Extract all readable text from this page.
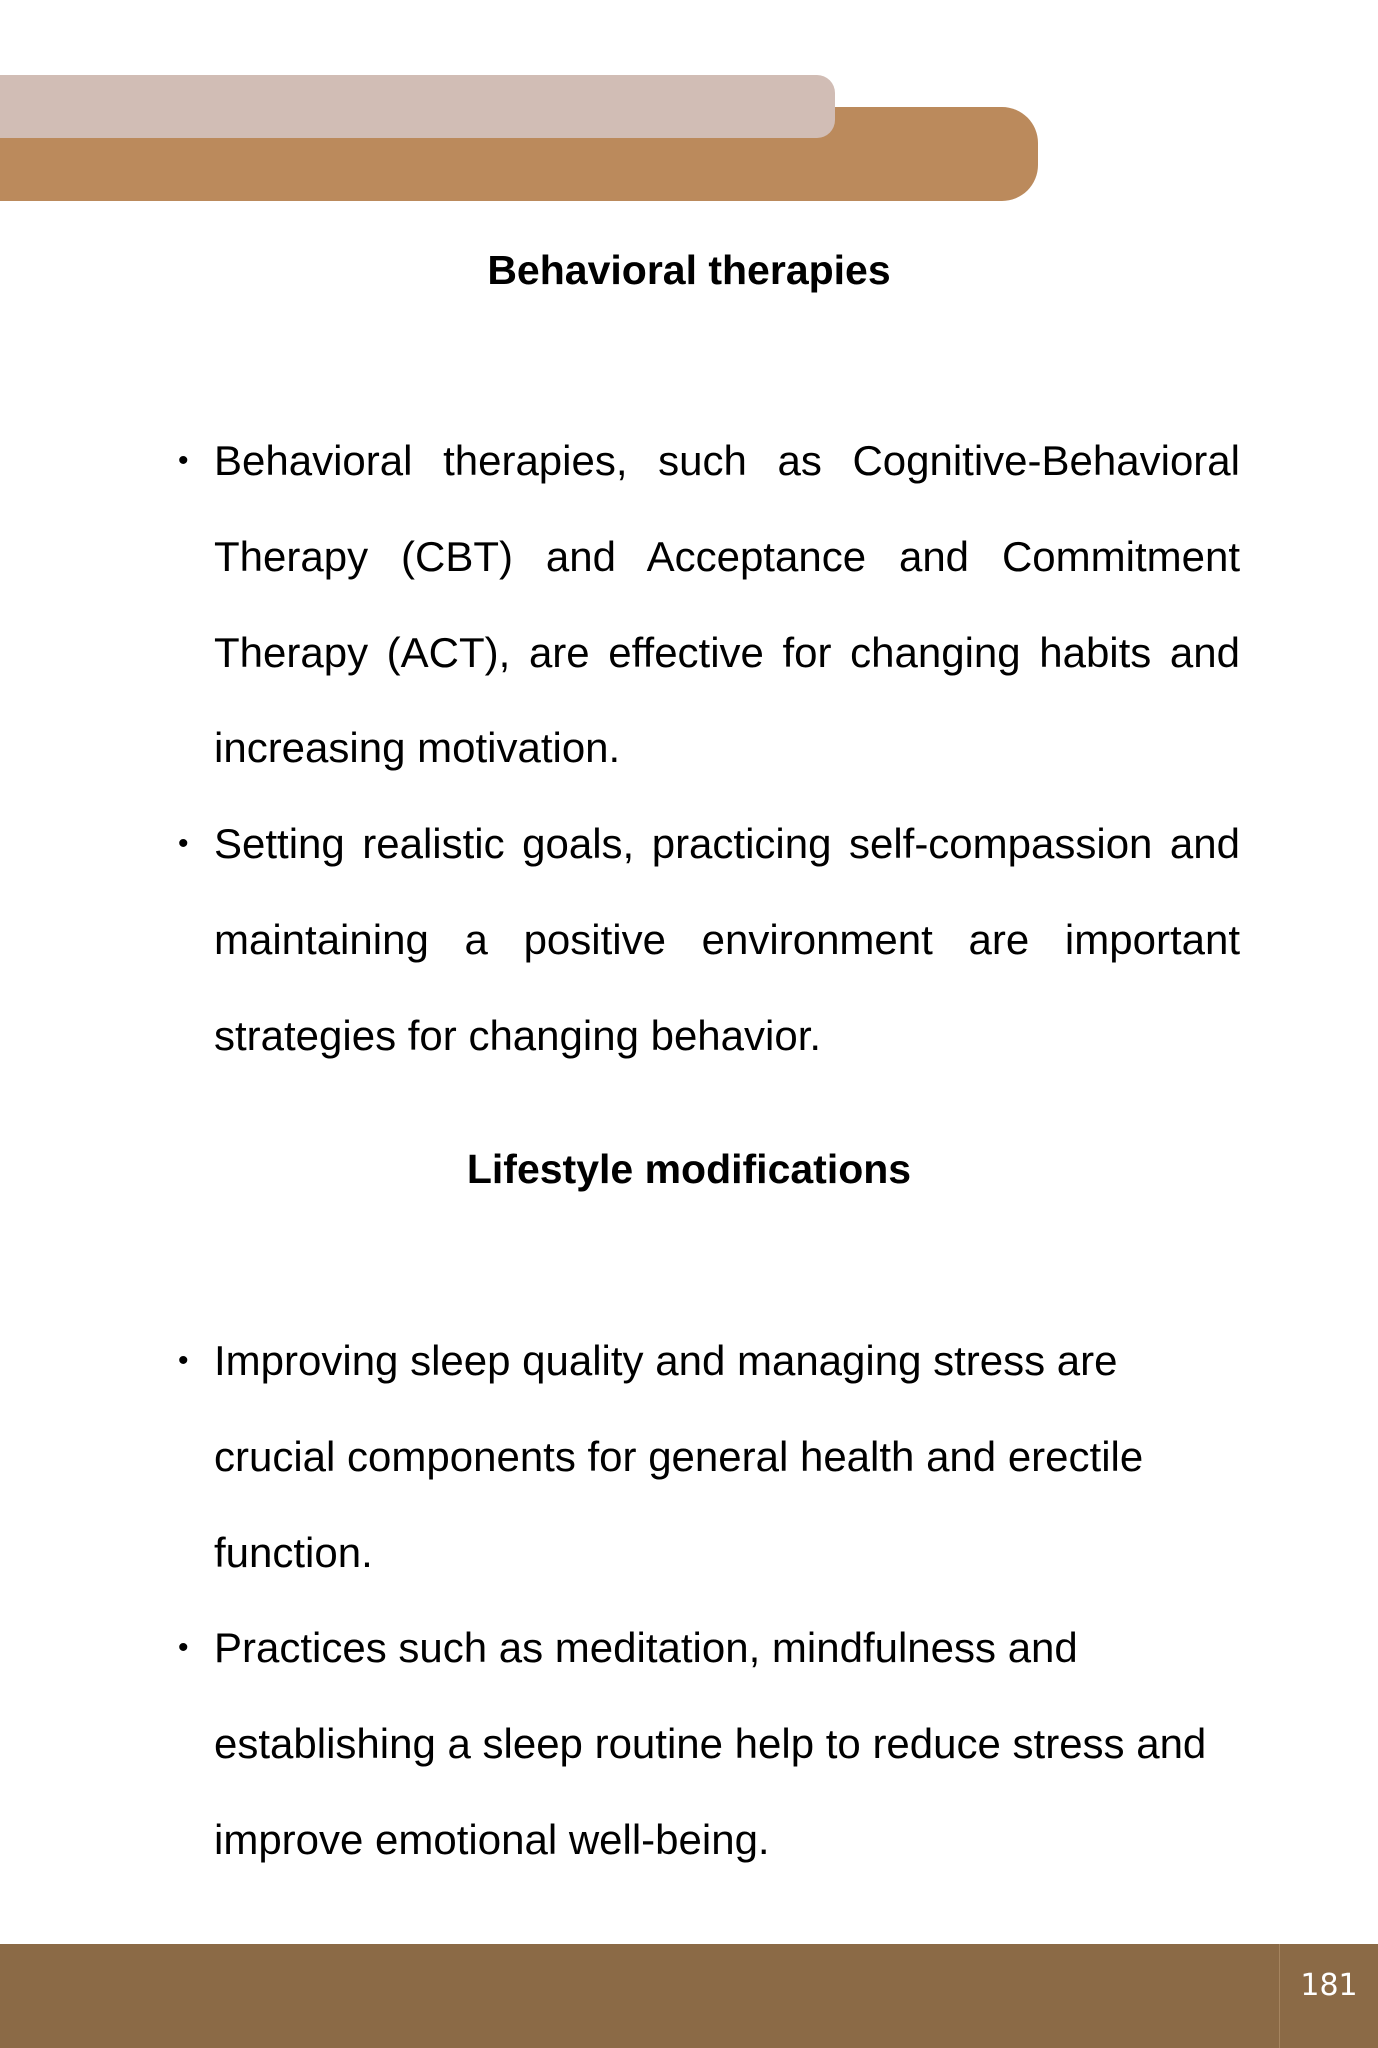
Behavioral therapies
• Behavioral therapies, such as Cognitive-Behavioral Therapy (CBT) and Acceptance and Commitment Therapy (ACT), are effective for changing habits and increasing motivation.
• Setting realistic goals, practicing self-compassion and maintaining a positive environment are important strategies for changing behavior.
Lifestyle modifications
• Improving sleep quality and managing stress are crucial components for general health and erectile function.
• Practices such as meditation, mindfulness and establishing a sleep routine help to reduce stress and improve emotional well-being.
181
